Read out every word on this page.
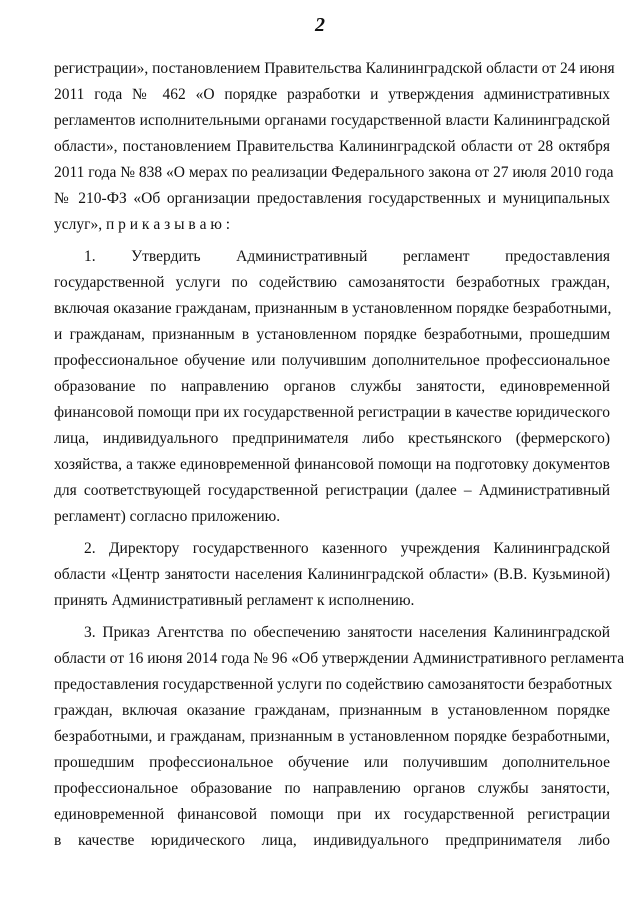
2
регистрации», постановлением Правительства Калининградской области от 24 июня
2011 года № 462 «О порядке разработки и утверждения административных
регламентов исполнительными органами государственной власти Калининградской
области», постановлением Правительства Калининградской области от 28 октября
2011 года № 838 «О мерах по реализации Федерального закона от 27 июля 2010 года
№ 210-ФЗ «Об организации предоставления государственных и муниципальных
услуг», п р и к а з ы в а ю :
1. Утвердить Административный регламент предоставления
государственной услуги по содействию самозанятости безработных граждан,
включая оказание гражданам, признанным в установленном порядке безработными,
и гражданам, признанным в установленном порядке безработными, прошедшим
профессиональное обучение или получившим дополнительное профессиональное
образование по направлению органов службы занятости, единовременной
финансовой помощи при их государственной регистрации в качестве юридического
лица, индивидуального предпринимателя либо крестьянского (фермерского)
хозяйства, а также единовременной финансовой помощи на подготовку документов
для соответствующей государственной регистрации (далее – Административный
регламент) согласно приложению.
2. Директору государственного казенного учреждения Калининградской
области «Центр занятости населения Калининградской области» (В.В. Кузьминой)
принять Административный регламент к исполнению.
3. Приказ Агентства по обеспечению занятости населения Калининградской
области от 16 июня 2014 года № 96 «Об утверждении Административного регламента
предоставления государственной услуги по содействию самозанятости безработных
граждан, включая оказание гражданам, признанным в установленном порядке
безработными, и гражданам, признанным в установленном порядке безработными,
прошедшим профессиональное обучение или получившим дополнительное
профессиональное образование по направлению органов службы занятости,
единовременной финансовой помощи при их государственной регистрации
в качестве юридического лица, индивидуального предпринимателя либо
